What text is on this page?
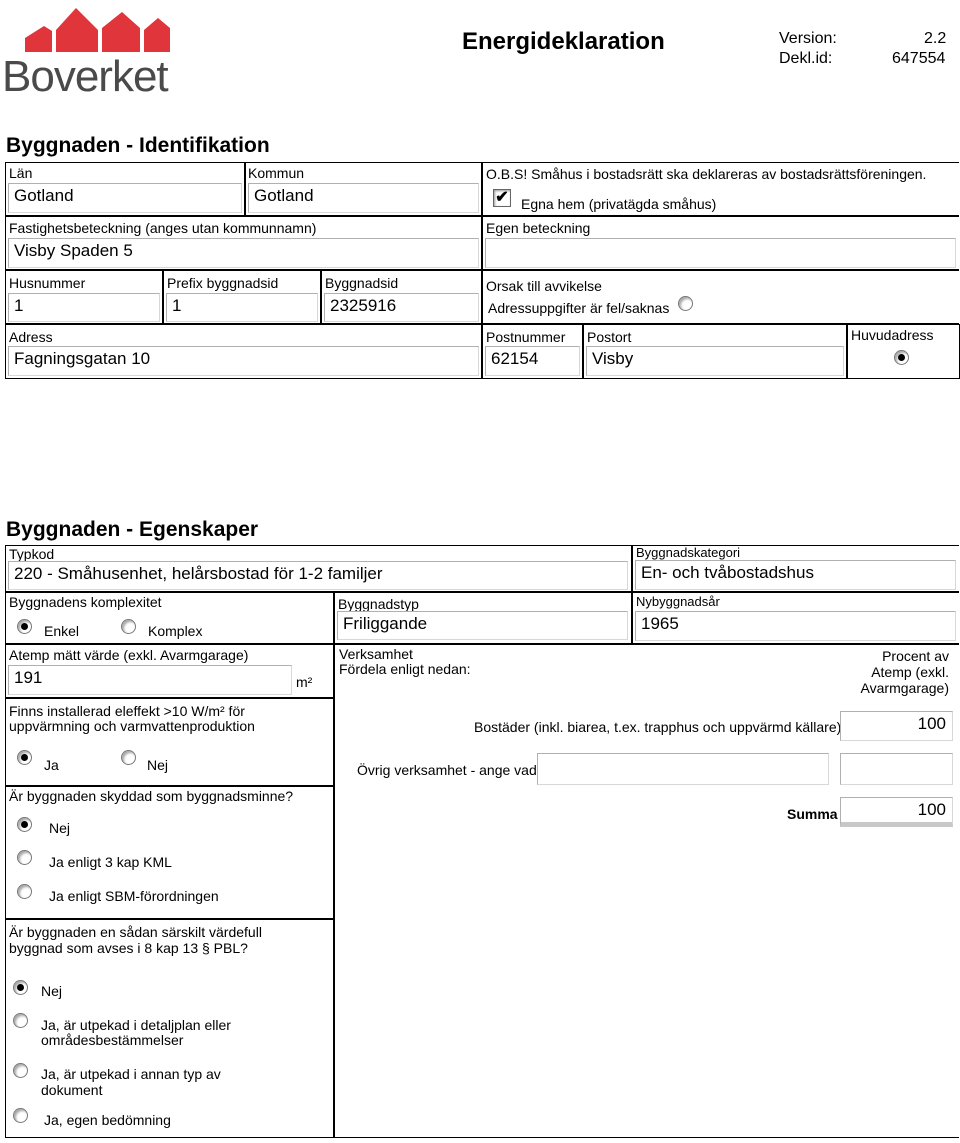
Boverket
Energideklaration	Version:	2.2
Dekl.id:	647554
Byggnaden - Identifikation
Län
Gotland
Kommun
Gotland
O.B.S! Småhus i bostadsrätt ska deklareras av bostadsrättsföreningen.
✔ Egna hem (privatägda småhus)
Fastighetsbeteckning (anges utan kommunnamn)
Visby Spaden 5
Egen beteckning
Husnummer
1
Prefix byggnadsid
1
Byggnadsid
2325916
Orsak till avvikelse
Adressuppgifter är fel/saknas
Adress
Fagningsgatan 10
Postnummer
62154
Postort
Visby
Huvudadress
Byggnaden - Egenskaper
Typkod
220 - Småhusenhet, helårsbostad för 1-2 familjer
Byggnadskategori
En- och tvåbostadshus
Byggnadens komplexitet
Enkel	Komplex
Byggnadstyp
Friliggande
Nybyggnadsår
1965
Atemp mätt värde (exkl. Avarmgarage)
191	m²
Verksamhet
Fördela enligt nedan:
Procent av
Atemp (exkl.
Avarmgarage)
Bostäder (inkl. biarea, t.ex. trapphus och uppvärmd källare)	100
Övrig verksamhet - ange vad
Summa	100
Finns installerad eleffekt >10 W/m² för
uppvärmning och varmvattenproduktion
Ja	Nej
Är byggnaden skyddad som byggnadsminne?
Nej
Ja enligt 3 kap KML
Ja enligt SBM-förordningen
Är byggnaden en sådan särskilt värdefull
byggnad som avses i 8 kap 13 § PBL?
Nej
Ja, är utpekad i detaljplan eller
områdesbestämmelser
Ja, är utpekad i annan typ av
dokument
Ja, egen bedömning
